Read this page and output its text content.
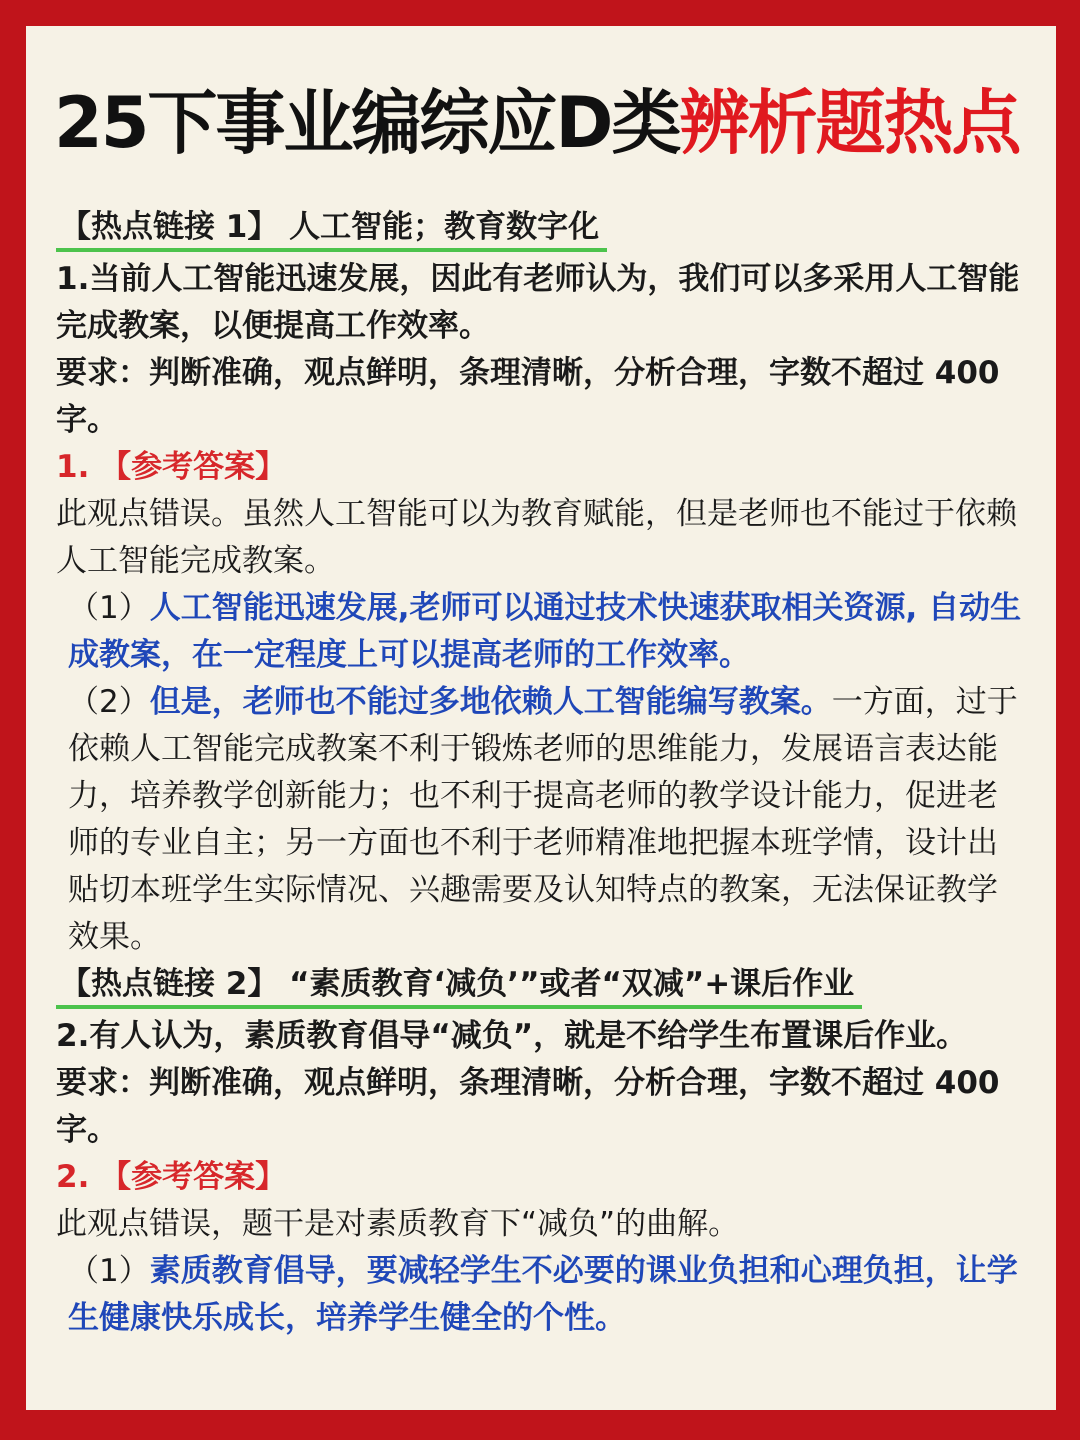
25下事业编综应D类辨析题热点
【热点链接 1】 人工智能；教育数字化

1.当前人工智能迅速发展，因此有老师认为，我们可以多采用人工智能完成教案，以便提高工作效率。

要求：判断准确，观点鲜明，条理清晰，分析合理，字数不超过 400 字。

1. 【参考答案】

此观点错误。虽然人工智能可以为教育赋能，但是老师也不能过于依赖人工智能完成教案。

（1）人工智能迅速发展,老师可以通过技术快速获取相关资源, 自动生成教案，在一定程度上可以提高老师的工作效率。

（2）但是，老师也不能过多地依赖人工智能编写教案。一方面，过于依赖人工智能完成教案不利于锻炼老师的思维能力，发展语言表达能力，培养教学创新能力；也不利于提高老师的教学设计能力，促进老师的专业自主；另一方面也不利于老师精准地把握本班学情，设计出贴切本班学生实际情况、兴趣需要及认知特点的教案，无法保证教学效果。

【热点链接 2】 “素质教育‘减负’”或者“双减”+课后作业

2.有人认为，素质教育倡导“减负”，就是不给学生布置课后作业。

要求：判断准确，观点鲜明，条理清晰，分析合理，字数不超过 400 字。

2. 【参考答案】

此观点错误，题干是对素质教育下“减负”的曲解。

（1）素质教育倡导，要减轻学生不必要的课业负担和心理负担，让学生健康快乐成长，培养学生健全的个性。
